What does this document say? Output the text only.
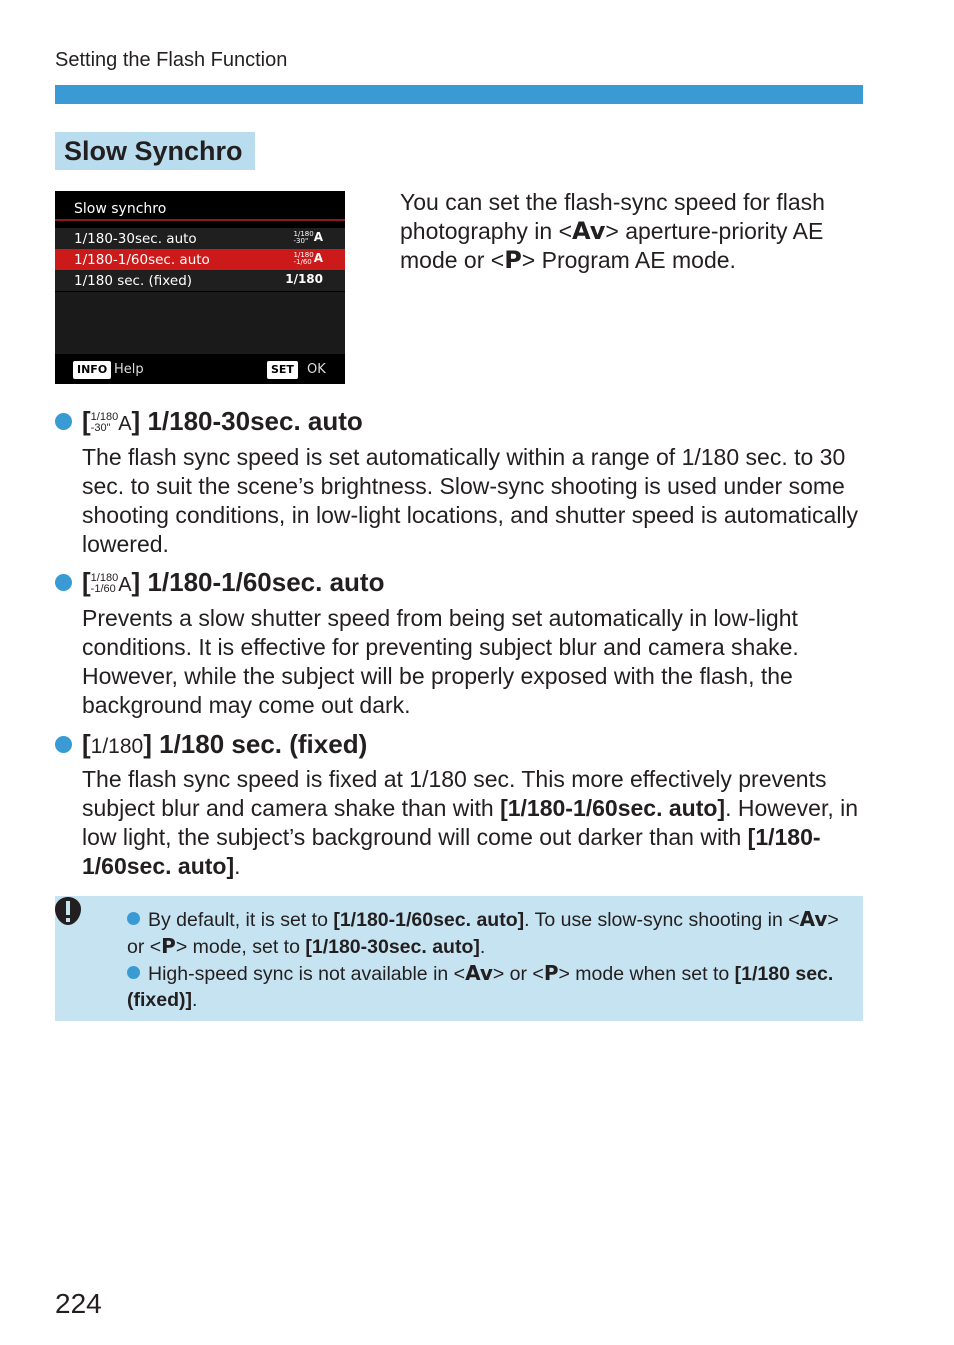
Setting the Flash Function
Slow Synchro
Slow synchro
1/180-30sec. auto	1/180
-30" A
1/180-1/60sec. auto	1/180
-1/60 A
1/180 sec. (fixed)	1/180
INFO Help	SET	OK
You can set the flash-sync speed for flash photography in <Av> aperture-priority AE mode or <P> Program AE mode.
[1/180
-30" A] 1/180-30sec. auto
The flash sync speed is set automatically within a range of 1/180 sec. to 30 sec. to suit the scene’s brightness. Slow-sync shooting is used under some shooting conditions, in low-light locations, and shutter speed is automatically lowered.
[1/180
-1/60 A] 1/180-1/60sec. auto
Prevents a slow shutter speed from being set automatically in low-light conditions. It is effective for preventing subject blur and camera shake. However, while the subject will be properly exposed with the flash, the background may come out dark.
[1/180] 1/180 sec. (fixed)
The flash sync speed is fixed at 1/180 sec. This more effectively prevents subject blur and camera shake than with [1/180-1/60sec. auto]. However, in low light, the subject’s background will come out darker than with [1/180-1/60sec. auto].
By default, it is set to [1/180-1/60sec. auto]. To use slow-sync shooting in <Av> or <P> mode, set to [1/180-30sec. auto].
High-speed sync is not available in <Av> or <P> mode when set to [1/180 sec. (fixed)].
224
